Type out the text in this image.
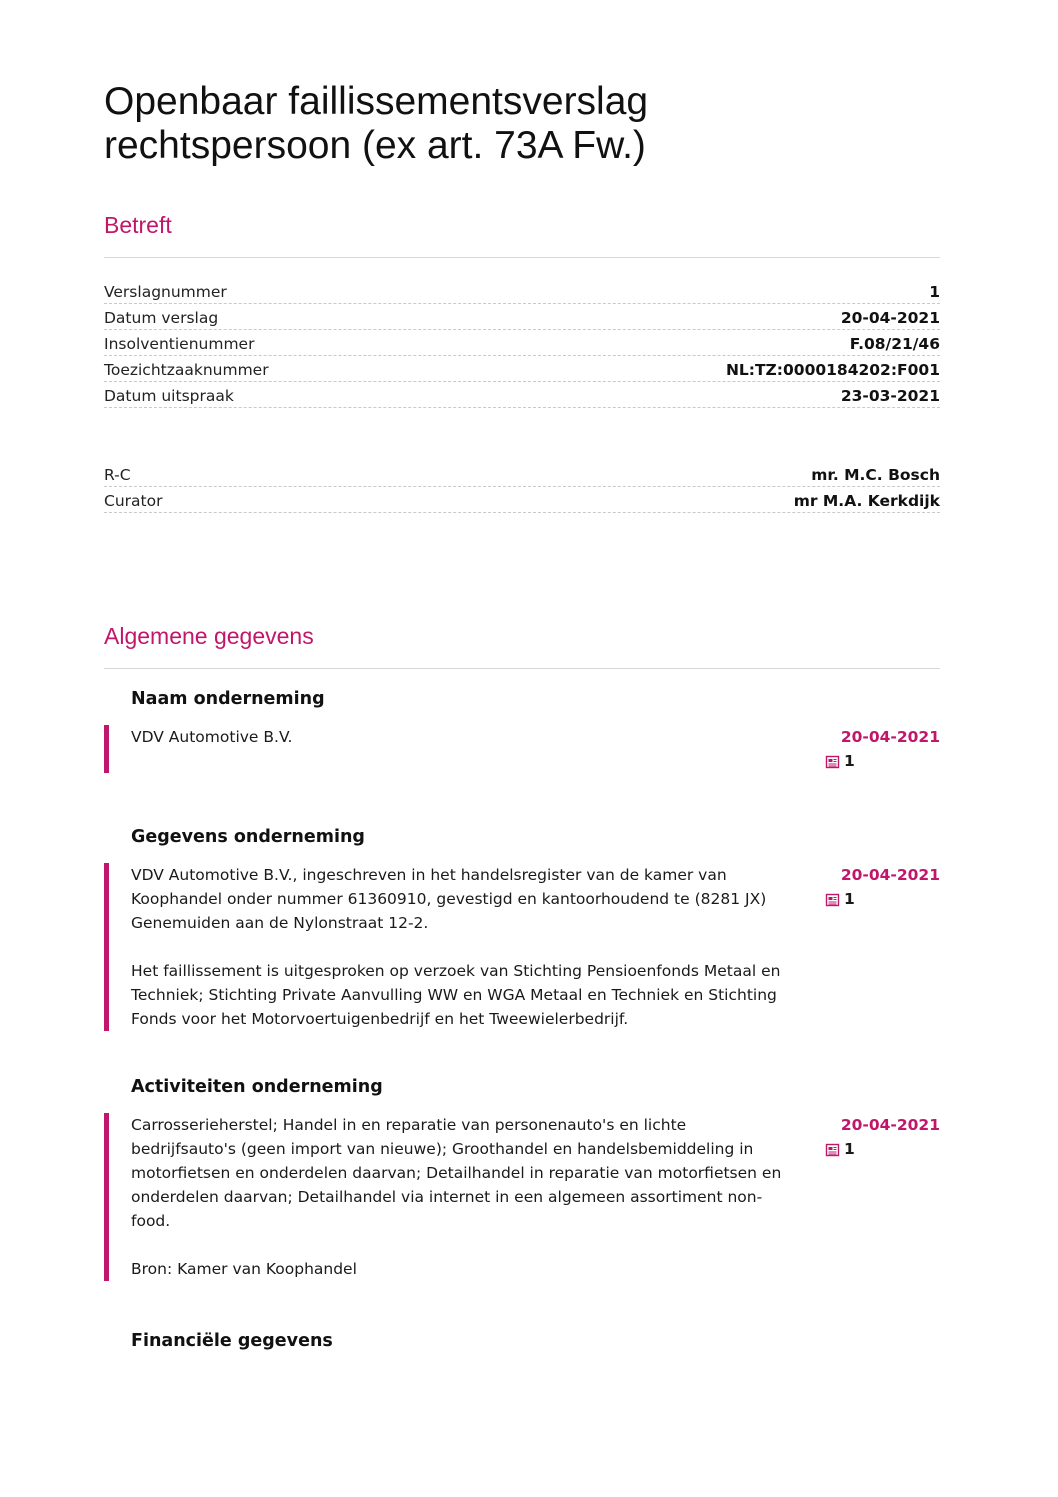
Openbaar faillissementsverslag
rechtspersoon (ex art. 73A Fw.)
Betreft
Verslagnummer	1
Datum verslag	20-04-2021
Insolventienummer	F.08/21/46
Toezichtzaaknummer	NL:TZ:0000184202:F001
Datum uitspraak	23-03-2021
R-C	mr. M.C. Bosch
Curator	mr M.A. Kerkdijk
Algemene gegevens
Naam onderneming

VDV Automotive B.V.	20-04-2021
1
Gegevens onderneming

VDV Automotive B.V., ingeschreven in het handelsregister van de kamer van Koophandel onder nummer 61360910, gevestigd en kantoorhoudend te (8281 JX) Genemuiden aan de Nylonstraat 12-2.

Het faillissement is uitgesproken op verzoek van Stichting Pensioenfonds Metaal en Techniek; Stichting Private Aanvulling WW en WGA Metaal en Techniek en Stichting Fonds voor het Motorvoertuigenbedrijf en het Tweewielerbedrijf.

20-04-2021
1
Activiteiten onderneming

Carrosserieherstel; Handel in en reparatie van personenauto's en lichte bedrijfsauto's (geen import van nieuwe); Groothandel en handelsbemiddeling in motorfietsen en onderdelen daarvan; Detailhandel in reparatie van motorfietsen en onderdelen daarvan; Detailhandel via internet in een algemeen assortiment non-food.

Bron: Kamer van Koophandel

20-04-2021
1
Financiële gegevens
